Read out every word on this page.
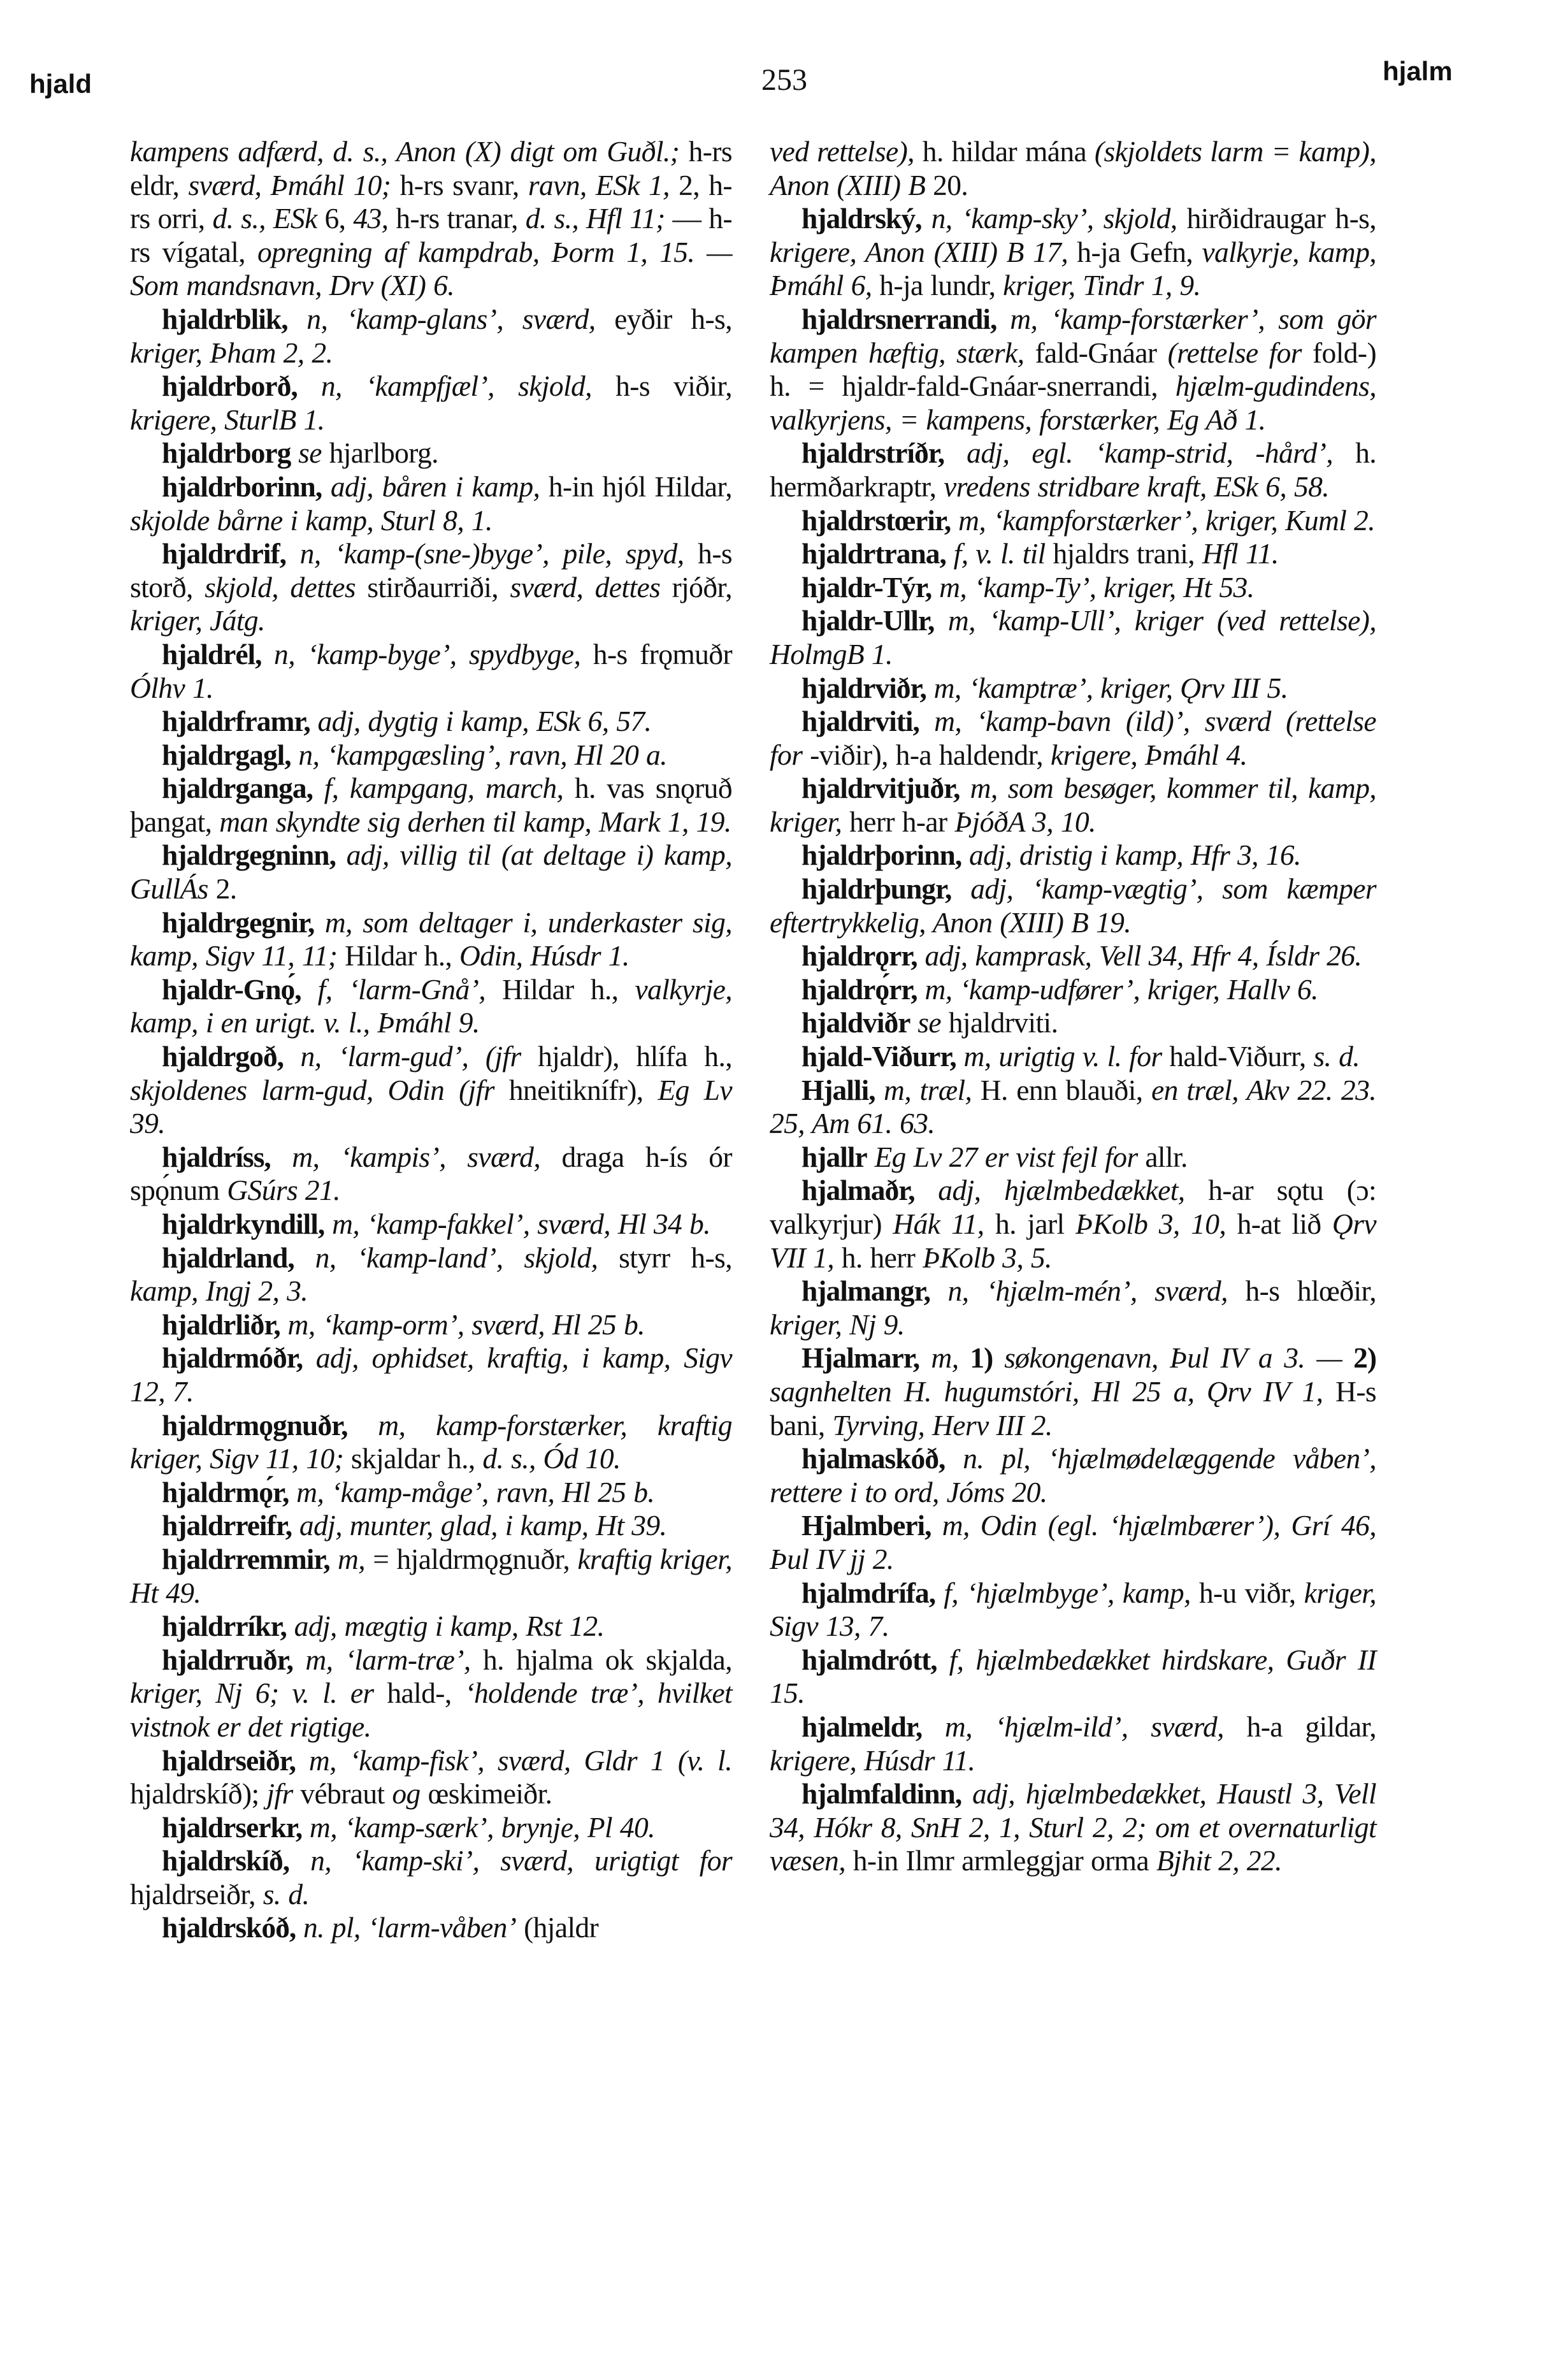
hjald	253	hjalm

kampens adfærd, d. s., Anon (X) digt om Guðl.; h-rs eldr, sværd, Þmáhl 10; h-rs svanr, ravn, ESk 1, 2, h-rs orri, d. s., ESk 6, 43, h-rs tranar, d. s., Hfl 11; — h-rs vígatal, opregning af kampdrab, Þorm 1, 15. — Som mandsnavn, Drv (XI) 6.

hjaldrblik, n, ‘kamp-glans’, sværd, eyðir h-s, kriger, Þham 2, 2.

hjaldrborð, n, ‘kampfjæl’, skjold, h-s viðir, krigere, SturlB 1.

hjaldrborg se hjarlborg.

hjaldrborinn, adj, båren i kamp, h-in hjól Hildar, skjolde bårne i kamp, Sturl 8, 1.

hjaldrdrif, n, ‘kamp-(sne-)byge’, pile, spyd, h-s storð, skjold, dettes stirðaurriði, sværd, dettes rjóðr, kriger, Játg.

hjaldrél, n, ‘kamp-byge’, spydbyge, h-s frǫmuðr Ólhv 1.

hjaldrframr, adj, dygtig i kamp, ESk 6, 57.

hjaldrgagl, n, ‘kampgæsling’, ravn, Hl 20 a.

hjaldrganga, f, kampgang, march, h. vas snǫruð þangat, man skyndte sig derhen til kamp, Mark 1, 19.

hjaldrgegninn, adj, villig til (at deltage i) kamp, GullÁs 2.

hjaldrgegnir, m, som deltager i, underkaster sig, kamp, Sigv 11, 11; Hildar h., Odin, Húsdr 1.

hjaldr-Gnǫ́, f, ‘larm-Gnå’, Hildar h., valkyrje, kamp, i en urigt. v. l., Þmáhl 9.

hjaldrgoð, n, ‘larm-gud’, (jfr hjaldr), hlífa h., skjoldenes larm-gud, Odin (jfr hneitiknífr), Eg Lv 39.

hjaldríss, m, ‘kampis’, sværd, draga h-ís ór spǫ́num GSúrs 21.

hjaldrkyndill, m, ‘kamp-fakkel’, sværd, Hl 34 b.

hjaldrland, n, ‘kamp-land’, skjold, styrr h-s, kamp, Ingj 2, 3.

hjaldrliðr, m, ‘kamp-orm’, sværd, Hl 25 b.

hjaldrmóðr, adj, ophidset, kraftig, i kamp, Sigv 12, 7.

hjaldrmǫgnuðr, m, kamp-forstærker, kraftig kriger, Sigv 11, 10; skjaldar h., d. s., Ód 10.

hjaldrmǫ́r, m, ‘kamp-måge’, ravn, Hl 25 b.

hjaldrreifr, adj, munter, glad, i kamp, Ht 39.

hjaldrremmir, m, = hjaldrmǫgnuðr, kraftig kriger, Ht 49.

hjaldrríkr, adj, mægtig i kamp, Rst 12.

hjaldrruðr, m, ‘larm-træ’, h. hjalma ok skjalda, kriger, Nj 6; v. l. er hald-, ‘holdende træ’, hvilket vistnok er det rigtige.

hjaldrseiðr, m, ‘kamp-fisk’, sværd, Gldr 1 (v. l. hjaldrskíð); jfr vébraut og œskimeiðr.

hjaldrserkr, m, ‘kamp-særk’, brynje, Pl 40.

hjaldrskíð, n, ‘kamp-ski’, sværd, urigtigt for hjaldrseiðr, s. d.

hjaldrskóð, n. pl, ‘larm-våben’ (hjaldr

ved rettelse), h. hildar mána (skjoldets larm = kamp), Anon (XIII) B 20.

hjaldrský, n, ‘kamp-sky’, skjold, hirðidraugar h-s, krigere, Anon (XIII) B 17, h-ja Gefn, valkyrje, kamp, Þmáhl 6, h-ja lundr, kriger, Tindr 1, 9.

hjaldrsnerrandi, m, ‘kamp-forstærker’, som gör kampen hæftig, stærk, fald-Gnáar (rettelse for fold-) h. = hjaldr-fald-Gnáar-snerrandi, hjælm-gudindens, valkyrjens, = kampens, forstærker, Eg Að 1.

hjaldrstríðr, adj, egl. ‘kamp-strid, -hård’, h. hermðarkraptr, vredens stridbare kraft, ESk 6, 58.

hjaldrstœrir, m, ‘kampforstærker’, kriger, Kuml 2.

hjaldrtrana, f, v. l. til hjaldrs trani, Hfl 11.

hjaldr-Týr, m, ‘kamp-Ty’, kriger, Ht 53.

hjaldr-Ullr, m, ‘kamp-Ull’, kriger (ved rettelse), HolmgB 1.

hjaldrviðr, m, ‘kamptræ’, kriger, Ǫrv III 5.

hjaldrviti, m, ‘kamp-bavn (ild)’, sværd (rettelse for -viðir), h-a haldendr, krigere, Þmáhl 4.

hjaldrvitjuðr, m, som besøger, kommer til, kamp, kriger, herr h-ar ÞjóðA 3, 10.

hjaldrþorinn, adj, dristig i kamp, Hfr 3, 16.

hjaldrþungr, adj, ‘kamp-vægtig’, som kæmper eftertrykkelig, Anon (XIII) B 19.

hjaldrǫrr, adj, kamprask, Vell 34, Hfr 4, Ísldr 26.

hjaldrǫ́rr, m, ‘kamp-udfører’, kriger, Hallv 6.

hjaldviðr se hjaldrviti.

hjald-Viðurr, m, urigtig v. l. for hald-Viðurr, s. d.

Hjalli, m, træl, H. enn blauði, en træl, Akv 22. 23. 25, Am 61. 63.

hjallr Eg Lv 27 er vist fejl for allr.

hjalmaðr, adj, hjælmbedækket, h-ar sǫtu (ɔ: valkyrjur) Hák 11, h. jarl ÞKolb 3, 10, h-at lið Ǫrv VII 1, h. herr ÞKolb 3, 5.

hjalmangr, n, ‘hjælm-mén’, sværd, h-s hlœðir, kriger, Nj 9.

Hjalmarr, m, 1) søkongenavn, Þul IV a 3. — 2) sagnhelten H. hugumstóri, Hl 25 a, Ǫrv IV 1, H-s bani, Tyrving, Herv III 2.

hjalmaskóð, n. pl, ‘hjælmødelæggende våben’, rettere i to ord, Jóms 20.

Hjalmberi, m, Odin (egl. ‘hjælmbærer’), Grí 46, Þul IV jj 2.

hjalmdrífa, f, ‘hjælmbyge’, kamp, h-u viðr, kriger, Sigv 13, 7.

hjalmdrótt, f, hjælmbedækket hirdskare, Guðr II 15.

hjalmeldr, m, ‘hjælm-ild’, sværd, h-a gildar, krigere, Húsdr 11.

hjalmfaldinn, adj, hjælmbedækket, Haustl 3, Vell 34, Hókr 8, SnH 2, 1, Sturl 2, 2; om et overnaturligt væsen, h-in Ilmr armleggjar orma Bjhit 2, 22.
